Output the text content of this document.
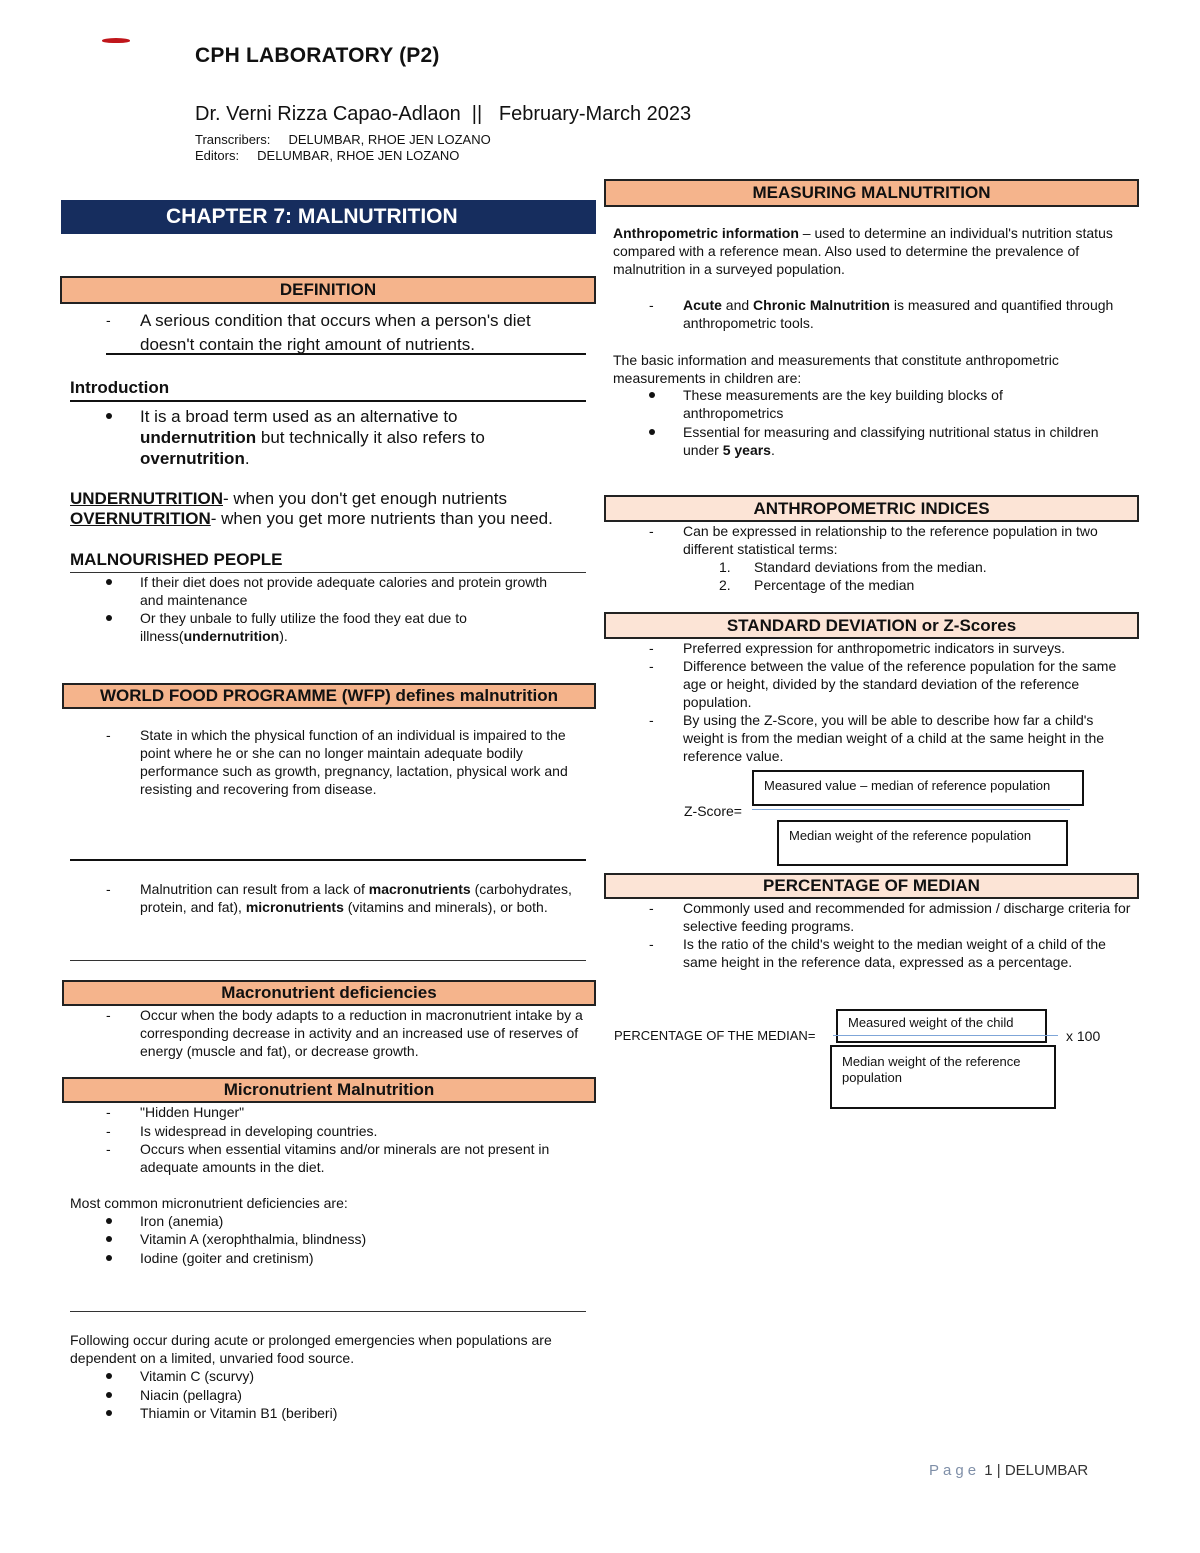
CPH LABORATORY (P2)
Dr. Verni Rizza Capao-Adlaon  ||   February-March 2023
Transcribers: DELUMBAR, RHOE JEN LOZANO
Editors: DELUMBAR, RHOE JEN LOZANO
CHAPTER 7: MALNUTRITION
DEFINITION
- A serious condition that occurs when a person's diet doesn't contain the right amount of nutrients.
Introduction
It is a broad term used as an alternative to undernutrition but technically it also refers to overnutrition.
UNDERNUTRITION- when you don't get enough nutrients
OVERNUTRITION- when you get more nutrients than you need.
MALNOURISHED PEOPLE
If their diet does not provide adequate calories and protein growth and maintenance
Or they unbale to fully utilize the food they eat due to illness(undernutrition).
WORLD FOOD PROGRAMME (WFP) defines malnutrition
- State in which the physical function of an individual is impaired to the point where he or she can no longer maintain adequate bodily performance such as growth, pregnancy, lactation, physical work and resisting and recovering from disease.
- Malnutrition can result from a lack of macronutrients (carbohydrates, protein, and fat), micronutrients (vitamins and minerals), or both.
Macronutrient deficiencies
- Occur when the body adapts to a reduction in macronutrient intake by a corresponding decrease in activity and an increased use of reserves of energy (muscle and fat), or decrease growth.
Micronutrient Malnutrition
- "Hidden Hunger"
- Is widespread in developing countries.
- Occurs when essential vitamins and/or minerals are not present in adequate amounts in the diet.
Most common micronutrient deficiencies are:
Iron (anemia)
Vitamin A (xerophthalmia, blindness)
Iodine (goiter and cretinism)
Following occur during acute or prolonged emergencies when populations are dependent on a limited, unvaried food source.
Vitamin C (scurvy)
Niacin (pellagra)
Thiamin or Vitamin B1 (beriberi)
MEASURING MALNUTRITION
Anthropometric information – used to determine an individual's nutrition status compared with a reference mean. Also used to determine the prevalence of malnutrition in a surveyed population.
- Acute and Chronic Malnutrition is measured and quantified through anthropometric tools.
The basic information and measurements that constitute anthropometric measurements in children are:
These measurements are the key building blocks of anthropometrics
Essential for measuring and classifying nutritional status in children under 5 years.
ANTHROPOMETRIC INDICES
- Can be expressed in relationship to the reference population in two different statistical terms:
1. Standard deviations from the median.
2. Percentage of the median
STANDARD DEVIATION or Z-Scores
- Preferred expression for anthropometric indicators in surveys.
- Difference between the value of the reference population for the same age or height, divided by the standard deviation of the reference population.
- By using the Z-Score, you will be able to describe how far a child's weight is from the median weight of a child at the same height in the reference value.
Measured value – median of reference population
Z-Score=
Median weight of the reference population
PERCENTAGE OF MEDIAN
- Commonly used and recommended for admission / discharge criteria for selective feeding programs.
- Is the ratio of the child's weight to the median weight of a child of the same height in the reference data, expressed as a percentage.
PERCENTAGE OF THE MEDIAN=
Measured weight of the child
Median weight of the reference population
x 100
Page 1 | DELUMBAR
